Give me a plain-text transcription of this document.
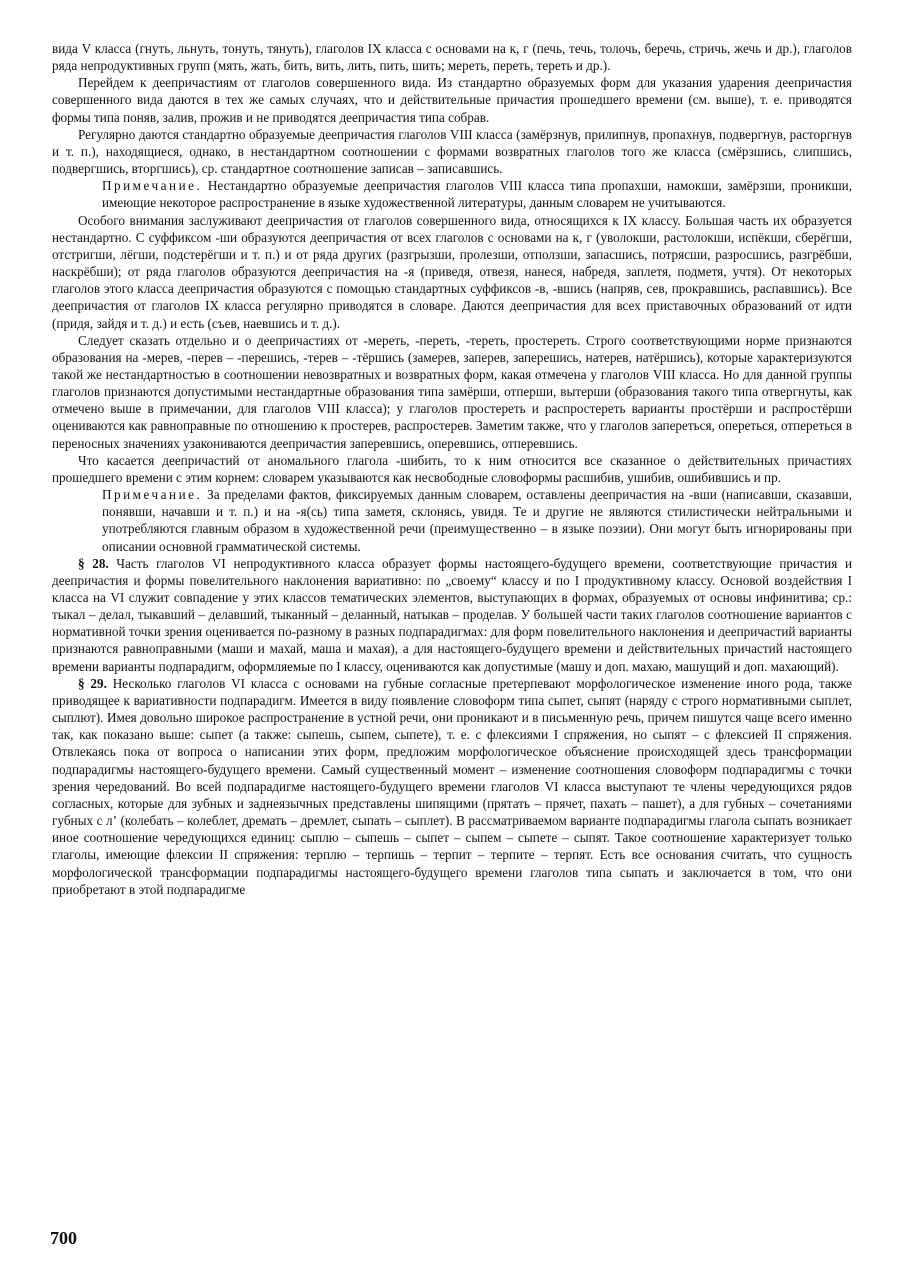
вида V класса (гнуть, льнуть, тонуть, тянуть), глаголов IX класса с основами на к, г (печь, течь, толочь, беречь, стричь, жечь и др.), глаголов ряда непродуктивных групп (мять, жать, бить, вить, лить, пить, шить; мереть, переть, тереть и др.).

Перейдем к деепричастиям от глаголов совершенного вида. Из стандартно образуемых форм для указания ударения деепричастия совершенного вида даются в тех же самых случаях, что и действительные причастия прошедшего времени (см. выше), т. е. приводятся формы типа поняв, залив, прожив и не приводятся деепричастия типа собрав.

Регулярно даются стандартно образуемые деепричастия глаголов VIII класса (замёрзнув, прилипнув, пропахнув, подвергнув, расторгнув и т. п.), находящиеся, однако, в нестандартном соотношении с формами возвратных глаголов того же класса (смёрзшись, слипшись, подвергшись, вторгшись), ср. стандартное соотношение записав – записавшись.

Примечание. Нестандартно образуемые деепричастия глаголов VIII класса типа пропахши, намокши, замёрзши, проникши, имеющие некоторое распространение в языке художественной литературы, данным словарем не учитываются.

Особого внимания заслуживают деепричастия от глаголов совершенного вида, относящихся к IX классу. Большая часть их образуется нестандартно. С суффиксом -ши образуются деепричастия от всех глаголов с основами на к, г (уволокши, растолокши, испёкши, сберёгши, отстригши, лёгши, подстерёгши и т. п.) и от ряда других (разгрызши, пролезши, отползши, запасшись, потрясши, разросшись, разгрёбши, наскрёбши); от ряда глаголов образуются деепричастия на -я (приведя, отвезя, нанеся, набредя, заплетя, подметя, учтя). От некоторых глаголов этого класса деепричастия образуются с помощью стандартных суффиксов -в, -вшись (напряв, сев, прокравшись, распавшись). Все деепричастия от глаголов IX класса регулярно приводятся в словаре. Даются деепричастия для всех приставочных образований от идти (придя, зайдя и т. д.) и есть (съев, наевшись и т. д.).

Следует сказать отдельно и о деепричастиях от -мереть, -переть, -тереть, простереть. Строго соответствующими норме признаются образования на -мерев, -перев – -перешись, -терев – -тёршись (замерев, заперев, заперешись, натерев, натёршись), которые характеризуются такой же нестандартностью в соотношении невозвратных и возвратных форм, какая отмечена у глаголов VIII класса. Но для данной группы глаголов признаются допустимыми нестандартные образования типа замёрши, отперши, вытерши (образования такого типа отвергнуты, как отмечено выше в примечании, для глаголов VIII класса); у глаголов простереть и распростереть варианты простёрши и распростёрши оцениваются как равноправные по отношению к простерев, распростерев. Заметим также, что у глаголов запереться, опереться, отпереться в переносных значениях узакониваются деепричастия заперевшись, оперевшись, отперевшись.

Что касается деепричастий от аномального глагола -шибить, то к ним относится все сказанное о действительных причастиях прошедшего времени с этим корнем: словарем указываются как несвободные словоформы расшибив, ушибив, ошибившись и пр.

Примечание. За пределами фактов, фиксируемых данным словарем, оставлены деепричастия на -вши (написавши, сказавши, понявши, начавши и т. п.) и на -я(сь) типа заметя, склонясь, увидя. Те и другие не являются стилистически нейтральными и употребляются главным образом в художественной речи (преимущественно – в языке поэзии). Они могут быть игнорированы при описании основной грамматической системы.

§ 28. Часть глаголов VI непродуктивного класса образует формы настоящего-будущего времени, соответствующие причастия и деепричастия и формы повелительного наклонения вариативно: по „своему“ классу и по I продуктивному классу. Основой воздействия I класса на VI служит совпадение у этих классов тематических элементов, выступающих в формах, образуемых от основы инфинитива; ср.: тыкал – делал, тыкавший – делавший, тыканный – деланный, натыкав – проделав. У большей части таких глаголов соотношение вариантов с нормативной точки зрения оценивается по-разному в разных подпарадигмах: для форм повелительного наклонения и деепричастий варианты признаются равноправными (маши и махай, маша и махая), а для настоящего-будущего времени и действительных причастий настоящего времени варианты подпарадигм, оформляемые по I классу, оцениваются как допустимые (машу и доп. махаю, машущий и доп. махающий).

§ 29. Несколько глаголов VI класса с основами на губные согласные претерпевают морфологическое изменение иного рода, также приводящее к вариативности подпарадигм. Имеется в виду появление словоформ типа сыпет, сыпят (наряду с строго нормативными сыплет, сыплют). Имея довольно широкое распространение в устной речи, они проникают и в письменную речь, причем пишутся чаще всего именно так, как показано выше: сыпет (а также: сыпешь, сыпем, сыпете), т. е. с флексиями I спряжения, но сыпят – с флексией II спряжения. Отвлекаясь пока от вопроса о написании этих форм, предложим морфологическое объяснение происходящей здесь трансформации подпарадигмы настоящего-будущего времени. Самый существенный момент – изменение соотношения словоформ подпарадигмы с точки зрения чередований. Во всей подпарадигме настоящего-будущего времени глаголов VI класса выступают те члены чередующихся рядов согласных, которые для зубных и заднеязычных представлены шипящими (прятать – прячет, пахать – пашет), а для губных – сочетаниями губных с лʼ (колебать – колеблет, дремать – дремлет, сыпать – сыплет). В рассматриваемом варианте подпарадигмы глагола сыпать возникает иное соотношение чередующихся единиц: сыплю – сыпешь – сыпет – сыпем – сыпете – сыпят. Такое соотношение характеризует только глаголы, имеющие флексии II спряжения: терплю – терпишь – терпит – терпите – терпят. Есть все основания считать, что сущность морфологической трансформации подпарадигмы настоящего-будущего времени глаголов типа сыпать и заключается в том, что они приобретают в этой подпарадигме

700
